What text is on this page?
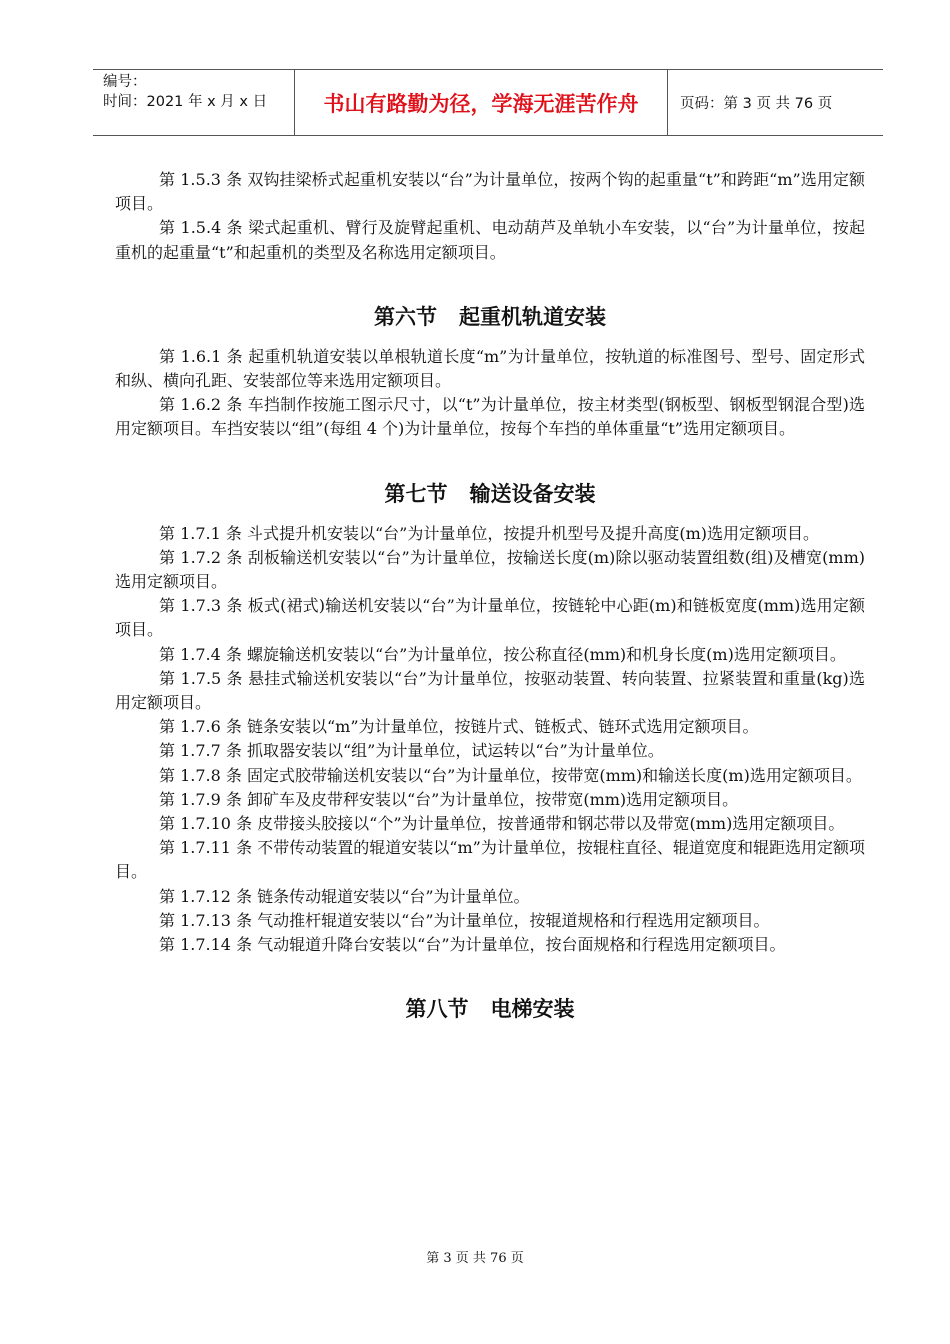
编号：
时间：2021 年 x 月 x 日	书山有路勤为径，学海无涯苦作舟	页码：第 3 页 共 76 页

第 1.5.3 条 双钩挂梁桥式起重机安装以“台”为计量单位，按两个钩的起重量“t”和跨距“m”选用定额项目。

第 1.5.4 条 梁式起重机、臂行及旋臂起重机、电动葫芦及单轨小车安装，以“台”为计量单位，按起重机的起重量“t”和起重机的类型及名称选用定额项目。

第六节 起重机轨道安装

第 1.6.1 条 起重机轨道安装以单根轨道长度“m”为计量单位，按轨道的标准图号、型号、固定形式和纵、横向孔距、安装部位等来选用定额项目。

第 1.6.2 条 车挡制作按施工图示尺寸，以“t”为计量单位，按主材类型(钢板型、钢板型钢混合型)选用定额项目。车挡安装以“组”(每组 4 个)为计量单位，按每个车挡的单体重量“t”选用定额项目。

第七节 输送设备安装

第 1.7.1 条 斗式提升机安装以“台”为计量单位，按提升机型号及提升高度(m)选用定额项目。

第 1.7.2 条 刮板输送机安装以“台”为计量单位，按输送长度(m)除以驱动装置组数(组)及槽宽(mm)选用定额项目。

第 1.7.3 条 板式(裙式)输送机安装以“台”为计量单位，按链轮中心距(m)和链板宽度(mm)选用定额项目。

第 1.7.4 条 螺旋输送机安装以“台”为计量单位，按公称直径(mm)和机身长度(m)选用定额项目。

第 1.7.5 条 悬挂式输送机安装以“台”为计量单位，按驱动装置、转向装置、拉紧装置和重量(kg)选用定额项目。

第 1.7.6 条 链条安装以“m”为计量单位，按链片式、链板式、链环式选用定额项目。

第 1.7.7 条 抓取器安装以“组”为计量单位，试运转以“台”为计量单位。

第 1.7.8 条 固定式胶带输送机安装以“台”为计量单位，按带宽(mm)和输送长度(m)选用定额项目。

第 1.7.9 条 卸矿车及皮带秤安装以“台”为计量单位，按带宽(mm)选用定额项目。

第 1.7.10 条 皮带接头胶接以“个”为计量单位，按普通带和钢芯带以及带宽(mm)选用定额项目。

第 1.7.11 条 不带传动装置的辊道安装以“m”为计量单位，按辊柱直径、辊道宽度和辊距选用定额项目。

第 1.7.12 条 链条传动辊道安装以“台”为计量单位。

第 1.7.13 条 气动推杆辊道安装以“台”为计量单位，按辊道规格和行程选用定额项目。

第 1.7.14 条 气动辊道升降台安装以“台”为计量单位，按台面规格和行程选用定额项目。

第八节 电梯安装
第 3 页 共 76 页
